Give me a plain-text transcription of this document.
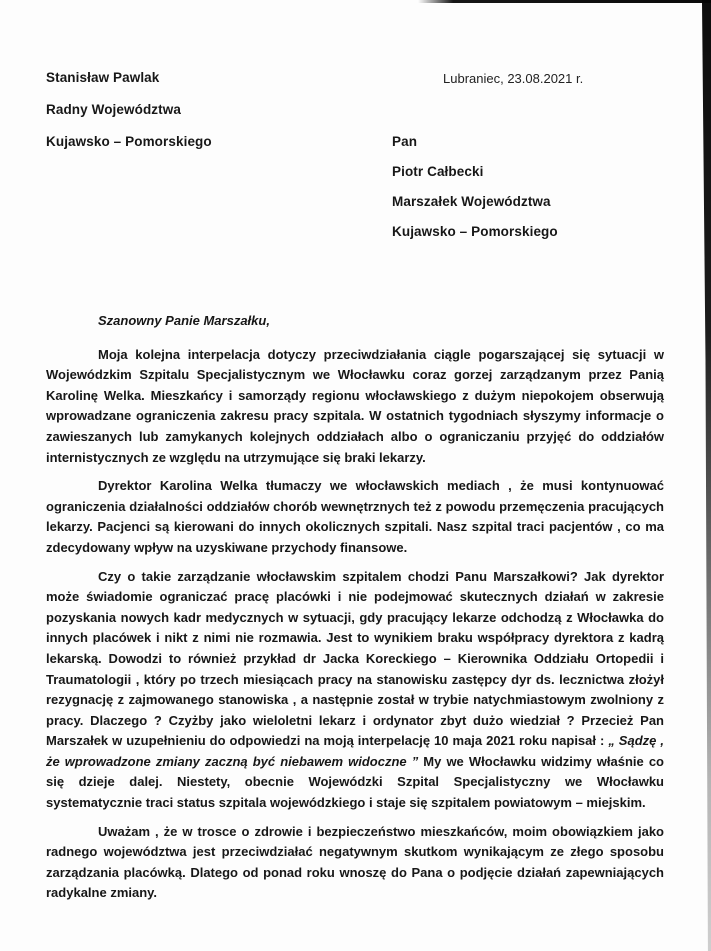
Stanisław Pawlak
Radny Województwa
Kujawsko – Pomorskiego
Lubraniec, 23.08.2021 r.
Pan
Piotr Całbecki
Marszałek Województwa
Kujawsko – Pomorskiego
Szanowny Panie Marszałku,

Moja kolejna interpelacja dotyczy przeciwdziałania ciągle pogarszającej się sytuacji w Wojewódzkim Szpitalu Specjalistycznym we Włocławku coraz gorzej zarządzanym przez Panią Karolinę Welka. Mieszkańcy i samorządy regionu włocławskiego z dużym niepokojem obserwują wprowadzane ograniczenia zakresu pracy szpitala. W ostatnich tygodniach słyszymy informacje o zawieszanych lub zamykanych kolejnych oddziałach albo o ograniczaniu przyjęć do oddziałów internistycznych ze względu na utrzymujące się braki lekarzy.

Dyrektor Karolina Welka tłumaczy we włocławskich mediach , że musi kontynuować ograniczenia działalności oddziałów chorób wewnętrznych też z powodu przemęczenia pracujących lekarzy. Pacjenci są kierowani do innych okolicznych szpitali. Nasz szpital traci pacjentów , co ma zdecydowany wpływ na uzyskiwane przychody finansowe.

Czy o takie zarządzanie włocławskim szpitalem chodzi Panu Marszałkowi? Jak dyrektor może świadomie ograniczać pracę placówki i nie podejmować skutecznych działań w zakresie pozyskania nowych kadr medycznych w sytuacji, gdy pracujący lekarze odchodzą z Włocławka do innych placówek i nikt z nimi nie rozmawia. Jest to wynikiem braku współpracy dyrektora z kadrą lekarską. Dowodzi to również przykład dr Jacka Koreckiego – Kierownika Oddziału Ortopedii i Traumatologii , który po trzech miesiącach pracy na stanowisku zastępcy dyr ds. lecznictwa złożył rezygnację z zajmowanego stanowiska , a następnie został w trybie natychmiastowym zwolniony z pracy. Dlaczego ? Czyżby jako wieloletni lekarz i ordynator zbyt dużo wiedział ? Przecież Pan Marszałek w uzupełnieniu do odpowiedzi na moją interpelację 10 maja 2021 roku napisał : „ Sądzę , że wprowadzone zmiany zaczną być niebawem widoczne ” My we Włocławku widzimy właśnie co się dzieje dalej. Niestety, obecnie Wojewódzki Szpital Specjalistyczny we Włocławku systematycznie traci status szpitala wojewódzkiego i staje się szpitalem powiatowym – miejskim.

Uważam , że w trosce o zdrowie i bezpieczeństwo mieszkańców, moim obowiązkiem jako radnego województwa jest przeciwdziałać negatywnym skutkom wynikającym ze złego sposobu zarządzania placówką. Dlatego od ponad roku wnoszę do Pana o podjęcie działań zapewniających radykalne zmiany.
